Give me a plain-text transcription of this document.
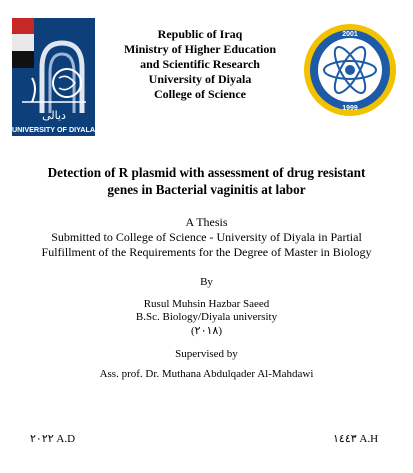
ديالى
UNIVERSITY OF DIYALA
2001
1999
Republic of Iraq
Ministry of Higher Education
and Scientific Research
University of Diyala
College of Science
Detection of R plasmid with assessment of drug resistant
genes in Bacterial vaginitis at labor
A Thesis
Submitted to College of Science - University of Diyala in Partial
Fulfillment of the Requirements for the Degree of Master in Biology
By
Rusul Muhsin Hazbar Saeed
B.Sc. Biology/Diyala university
(٢٠١٨)
Supervised by
Ass. prof. Dr. Muthana Abdulqader Al-Mahdawi
٢٠٢٢ A.D	١٤٤٣ A.H
